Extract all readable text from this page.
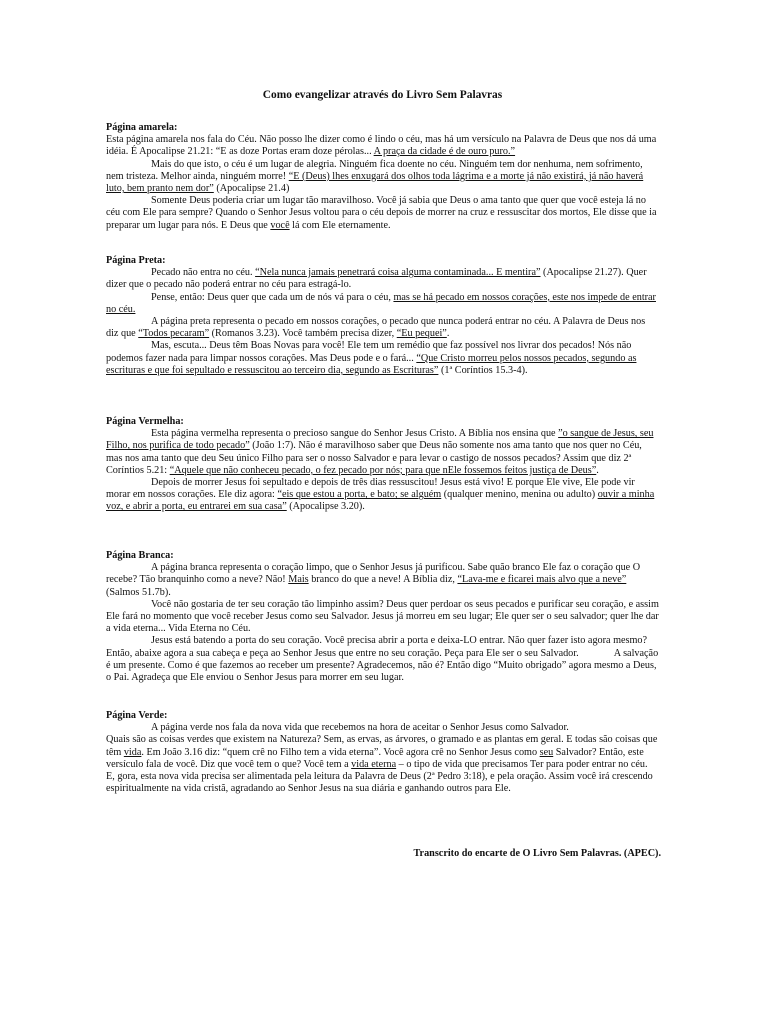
Como evangelizar através do Livro Sem Palavras
Página amarela:

Esta página amarela nos fala do Céu. Não posso lhe dizer como é lindo o céu, mas há um versículo na Palavra de Deus que nos dá uma idéia. É Apocalipse 21.21: “E as doze Portas eram doze pérolas... A praça da cidade é de ouro puro.”

Mais do que isto, o céu é um lugar de alegria. Ninguém fica doente no céu. Ninguém tem dor nenhuma, nem sofrimento, nem tristeza. Melhor ainda, ninguém morre! “E (Deus) lhes enxugará dos olhos toda lágrima e a morte já não existirá, já não haverá luto, bem pranto nem dor” (Apocalipse 21.4)

Somente Deus poderia criar um lugar tão maravilhoso. Você já sabia que Deus o ama tanto que quer que você esteja lá no céu com Ele para sempre? Quando o Senhor Jesus voltou para o céu depois de morrer na cruz e ressuscitar dos mortos, Ele disse que ia preparar um lugar para nós. E Deus que você lá com Ele eternamente.

Página Preta:

Pecado não entra no céu. “Nela nunca jamais penetrará coisa alguma contaminada... E mentira” (Apocalipse 21.27). Quer dizer que o pecado não poderá entrar no céu para estragá-lo.

Pense, então: Deus quer que cada um de nós vá para o céu, mas se há pecado em nossos corações, este nos impede de entrar no céu.

A página preta representa o pecado em nossos corações, o pecado que nunca poderá entrar no céu. A Palavra de Deus nos diz que “Todos pecaram” (Romanos 3.23). Você também precisa dizer, “Eu pequei”.

Mas, escuta... Deus têm Boas Novas para você! Ele tem um remédio que faz possível nos livrar dos pecados! Nós não podemos fazer nada para limpar nossos corações. Mas Deus pode e o fará... “Que Cristo morreu pelos nossos pecados, segundo as escrituras e que foi sepultado e ressuscitou ao terceiro dia, segundo as Escrituras” (1ª Coríntios 15.3-4).

Página Vermelha:

Esta página vermelha representa o precioso sangue do Senhor Jesus Cristo. A Bíblia nos ensina que ”o sangue de Jesus, seu Filho, nos purifica de todo pecado” (João 1:7). Não é maravilhoso saber que Deus não somente nos ama tanto que nos quer no Céu, mas nos ama tanto que deu Seu único Filho para ser o nosso Salvador e para levar o castigo de nossos pecados? Assim que diz 2ª Coríntios 5.21: “Aquele que não conheceu pecado, o fez pecado por nós; para que nEle fossemos feitos justiça de Deus”.

Depois de morrer Jesus foi sepultado e depois de três dias ressuscitou! Jesus está vivo! E porque Ele vive, Ele pode vir morar em nossos corações. Ele diz agora: “eis que estou a porta, e bato; se alguém (qualquer menino, menina ou adulto) ouvir a minha voz, e abrir a porta, eu entrarei em sua casa” (Apocalipse 3.20).

Página Branca:

A página branca representa o coração limpo, que o Senhor Jesus já purificou. Sabe quão branco Ele faz o coração que O recebe? Tão branquinho como a neve? Não! Mais branco do que a neve! A Bíblia diz, “Lava-me e ficarei mais alvo que a neve” (Salmos 51.7b).

Você não gostaria de ter seu coração tão limpinho assim? Deus quer perdoar os seus pecados e purificar seu coração, e assim Ele fará no momento que você receber Jesus como seu Salvador. Jesus já morreu em seu lugar; Ele quer ser o seu salvador; quer lhe dar a vida eterna... Vida Eterna no Céu.

Jesus está batendo a porta do seu coração. Você precisa abrir a porta e deixa-LO entrar. Não quer fazer isto agora mesmo? Então, abaixe agora a sua cabeça e peça ao Senhor Jesus que entre no seu coração. Peça para Ele ser o seu Salvador.              A salvação é um presente. Como é que fazemos ao receber um presente? Agradecemos, não é? Então digo “Muito obrigado” agora mesmo a Deus, o Pai. Agradeça que Ele enviou o Senhor Jesus para morrer em seu lugar.

Página Verde:

A página verde nos fala da nova vida que recebemos na hora de aceitar o Senhor Jesus como Salvador.

Quais são as coisas verdes que existem na Natureza? Sem, as ervas, as árvores, o gramado e as plantas em geral. E todas são coisas que têm vida. Em João 3.16 diz: “quem crê no Filho tem a vida eterna”. Você agora crê no Senhor Jesus como seu Salvador? Então, este versículo fala de você. Diz que você tem o que? Você tem a vida eterna – o tipo de vida que precisamos Ter para poder entrar no céu.            E, gora, esta nova vida precisa ser alimentada pela leitura da Palavra de Deus (2ª Pedro 3:18), e pela oração. Assim você irá crescendo espiritualmente na vida cristã, agradando ao Senhor Jesus na sua diária e ganhando outros para Ele.

Transcrito do encarte de O Livro Sem Palavras. (APEC).
